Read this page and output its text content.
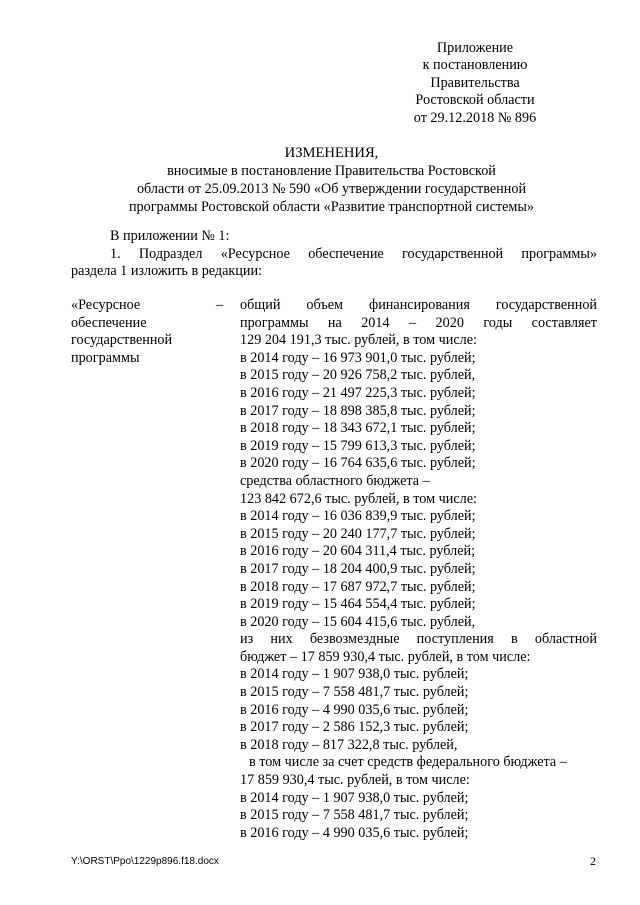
Приложение
к постановлению
Правительства
Ростовской области
от 29.12.2018 № 896
ИЗМЕНЕНИЯ,
вносимые в постановление Правительства Ростовской
области от 25.09.2013 № 590 «Об утверждении государственной
программы Ростовской области «Развитие транспортной системы»

В приложении № 1:

1. Подраздел «Ресурсное обеспечение государственной программы»

раздела 1 изложить в редакции:

«Ресурсное
обеспечение
государственной
программы
– общий объем финансирования государственной
программы на 2014 – 2020 годы составляет
129 204 191,3 тыс. рублей, в том числе:
в 2014 году – 16 973 901,0 тыс. рублей;
в 2015 году – 20 926 758,2 тыс. рублей,
в 2016 году – 21 497 225,3 тыс. рублей;
в 2017 году – 18 898 385,8 тыс. рублей;
в 2018 году – 18 343 672,1 тыс. рублей;
в 2019 году – 15 799 613,3 тыс. рублей;
в 2020 году – 16 764 635,6 тыс. рублей;
средства областного бюджета –
123 842 672,6 тыс. рублей, в том числе:
в 2014 году – 16 036 839,9 тыс. рублей;
в 2015 году – 20 240 177,7 тыс. рублей;
в 2016 году – 20 604 311,4 тыс. рублей;
в 2017 году – 18 204 400,9 тыс. рублей;
в 2018 году – 17 687 972,7 тыс. рублей;
в 2019 году – 15 464 554,4 тыс. рублей;
в 2020 году – 15 604 415,6 тыс. рублей,
из них безвозмездные поступления в областной
бюджет – 17 859 930,4 тыс. рублей, в том числе:
в 2014 году – 1 907 938,0 тыс. рублей;
в 2015 году – 7 558 481,7 тыс. рублей;
в 2016 году – 4 990 035,6 тыс. рублей;
в 2017 году – 2 586 152,3 тыс. рублей;
в 2018 году – 817 322,8 тыс. рублей,
в том числе за счет средств федерального бюджета –
17 859 930,4 тыс. рублей, в том числе:
в 2014 году – 1 907 938,0 тыс. рублей;
в 2015 году – 7 558 481,7 тыс. рублей;
в 2016 году – 4 990 035,6 тыс. рублей;
Y:\ORST\Ppo\1229p896.f18.docx	2
